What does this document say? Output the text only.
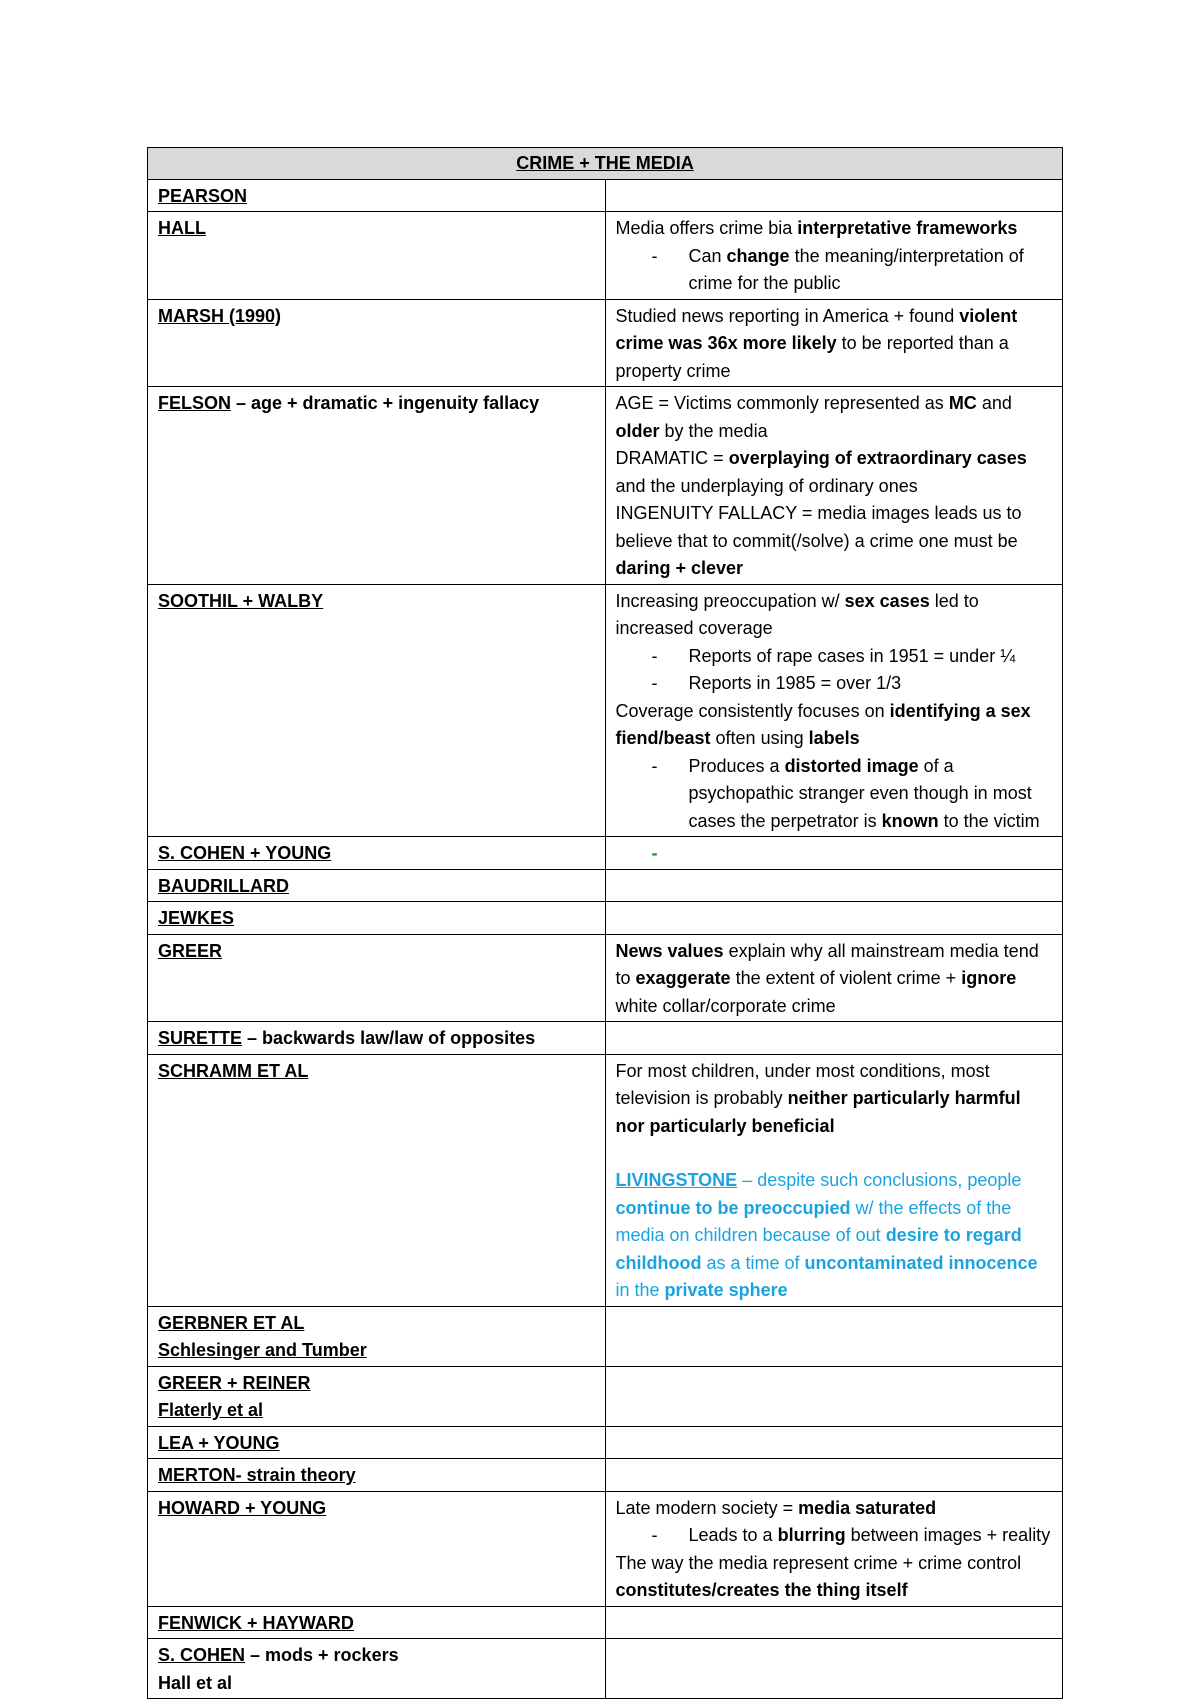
CRIME + THE MEDIA	
PEARSON	
HALL	Media offers crime bia interpretative frameworks
- Can change the meaning/interpretation of crime for the public

MARSH (1990)	Studied news reporting in America + found violent crime was 36x more likely to be reported than a property crime

FELSON – age + dramatic + ingenuity fallacy	AGE = Victims commonly represented as MC and older by the media
DRAMATIC = overplaying of extraordinary cases and the underplaying of ordinary ones
INGENUITY FALLACY = media images leads us to believe that to commit(/solve) a crime one must be daring + clever

SOOTHIL + WALBY	Increasing preoccupation w/ sex cases led to increased coverage
- Reports of rape cases in 1951 = under ¼
- Reports in 1985 = over 1/3
Coverage consistently focuses on identifying a sex fiend/beast often using labels
- Produces a distorted image of a psychopathic stranger even though in most cases the perpetrator is known to the victim

S. COHEN + YOUNG	-
BAUDRILLARD	
JEWKES	
GREER	News values explain why all mainstream media tend to exaggerate the extent of violent crime + ignore white collar/corporate crime

SURETTE – backwards law/law of opposites	
SCHRAMM ET AL	For most children, under most conditions, most television is probably neither particularly harmful nor particularly beneficial
LIVINGSTONE – despite such conclusions, people continue to be preoccupied w/ the effects of the media on children because of out desire to regard childhood as a time of uncontaminated innocence in the private sphere

GERBNER ET AL
Schlesinger and Tumber	

GREER + REINER
Flaterly et al	

LEA + YOUNG	
MERTON- strain theory	
HOWARD + YOUNG	Late modern society = media saturated
- Leads to a blurring between images + reality
The way the media represent crime + crime control constitutes/creates the thing itself

FENWICK + HAYWARD	

S. COHEN – mods + rockers
Hall et al	
